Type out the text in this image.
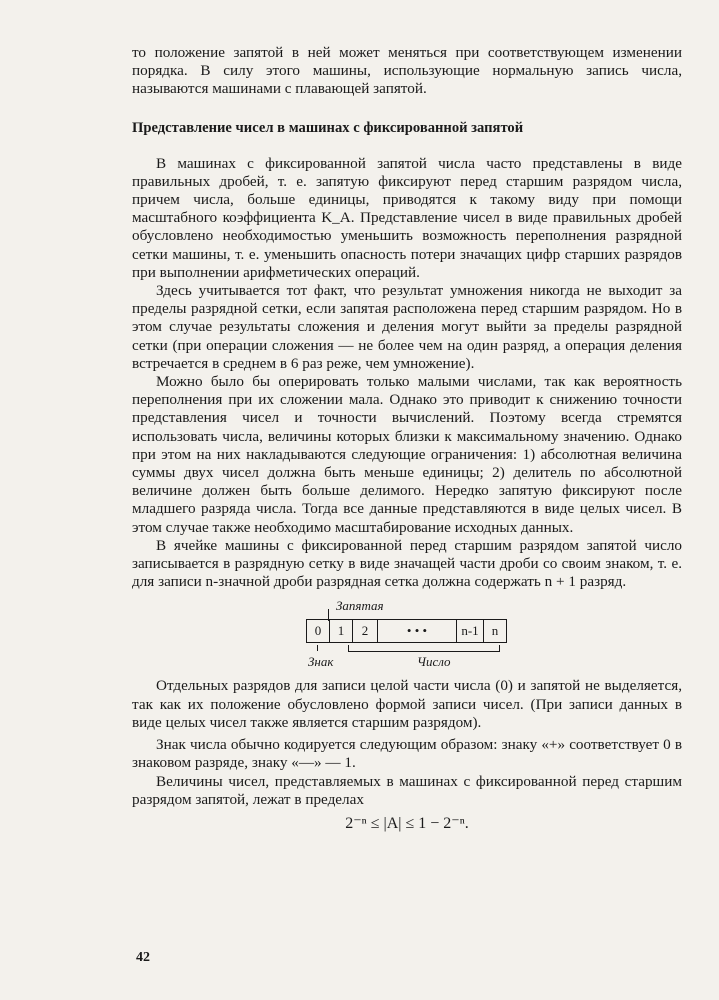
то положение запятой в ней может меняться при соответствующем изменении порядка. В силу этого машины, использующие нормальную запись числа, называются машинами с плавающей запятой.

Представление чисел в машинах с фиксированной запятой

В машинах с фиксированной запятой числа часто представлены в виде правильных дробей, т. е. запятую фиксируют перед старшим разрядом числа, причем числа, больше единицы, приводятся к такому виду при помощи масштабного коэффициента K_A. Представление чисел в виде правильных дробей обусловлено необходимостью уменьшить возможность переполнения разрядной сетки машины, т. е. уменьшить опасность потери значащих цифр старших разрядов при выполнении арифметических операций.

Здесь учитывается тот факт, что результат умножения никогда не выходит за пределы разрядной сетки, если запятая расположена перед старшим разрядом. Но в этом случае результаты сложения и деления могут выйти за пределы разрядной сетки (при операции сложения — не более чем на один разряд, а операция деления встречается в среднем в 6 раз реже, чем умножение).

Можно было бы оперировать только малыми числами, так как вероятность переполнения при их сложении мала. Однако это приводит к снижению точности представления чисел и точности вычислений. Поэтому всегда стремятся использовать числа, величины которых близки к максимальному значению. Однако при этом на них накладываются следующие ограничения: 1) абсолютная величина суммы двух чисел должна быть меньше единицы; 2) делитель по абсолютной величине должен быть больше делимого. Нередко запятую фиксируют после младшего разряда числа. Тогда все данные представляются в виде целых чисел. В этом случае также необходимо масштабирование исходных данных.

В ячейке машины с фиксированной перед старшим разрядом запятой число записывается в разрядную сетку в виде значащей части дроби со своим знаком, т. е. для записи n-значной дроби разрядная сетка должна содержать n + 1 разряд.

Запятая
0	1	2	• • •	n-1	n
Знак	Число

Отдельных разрядов для записи целой части числа (0) и запятой не выделяется, так как их положение обусловлено формой записи чисел. (При записи данных в виде целых чисел также является старшим разрядом).

Знак числа обычно кодируется следующим образом: знаку «+» соответствует 0 в знаковом разряде, знаку «—» — 1.

Величины чисел, представляемых в машинах с фиксированной перед старшим разрядом запятой, лежат в пределах

2⁻ⁿ ≤ |A| ≤ 1 − 2⁻ⁿ.
42
